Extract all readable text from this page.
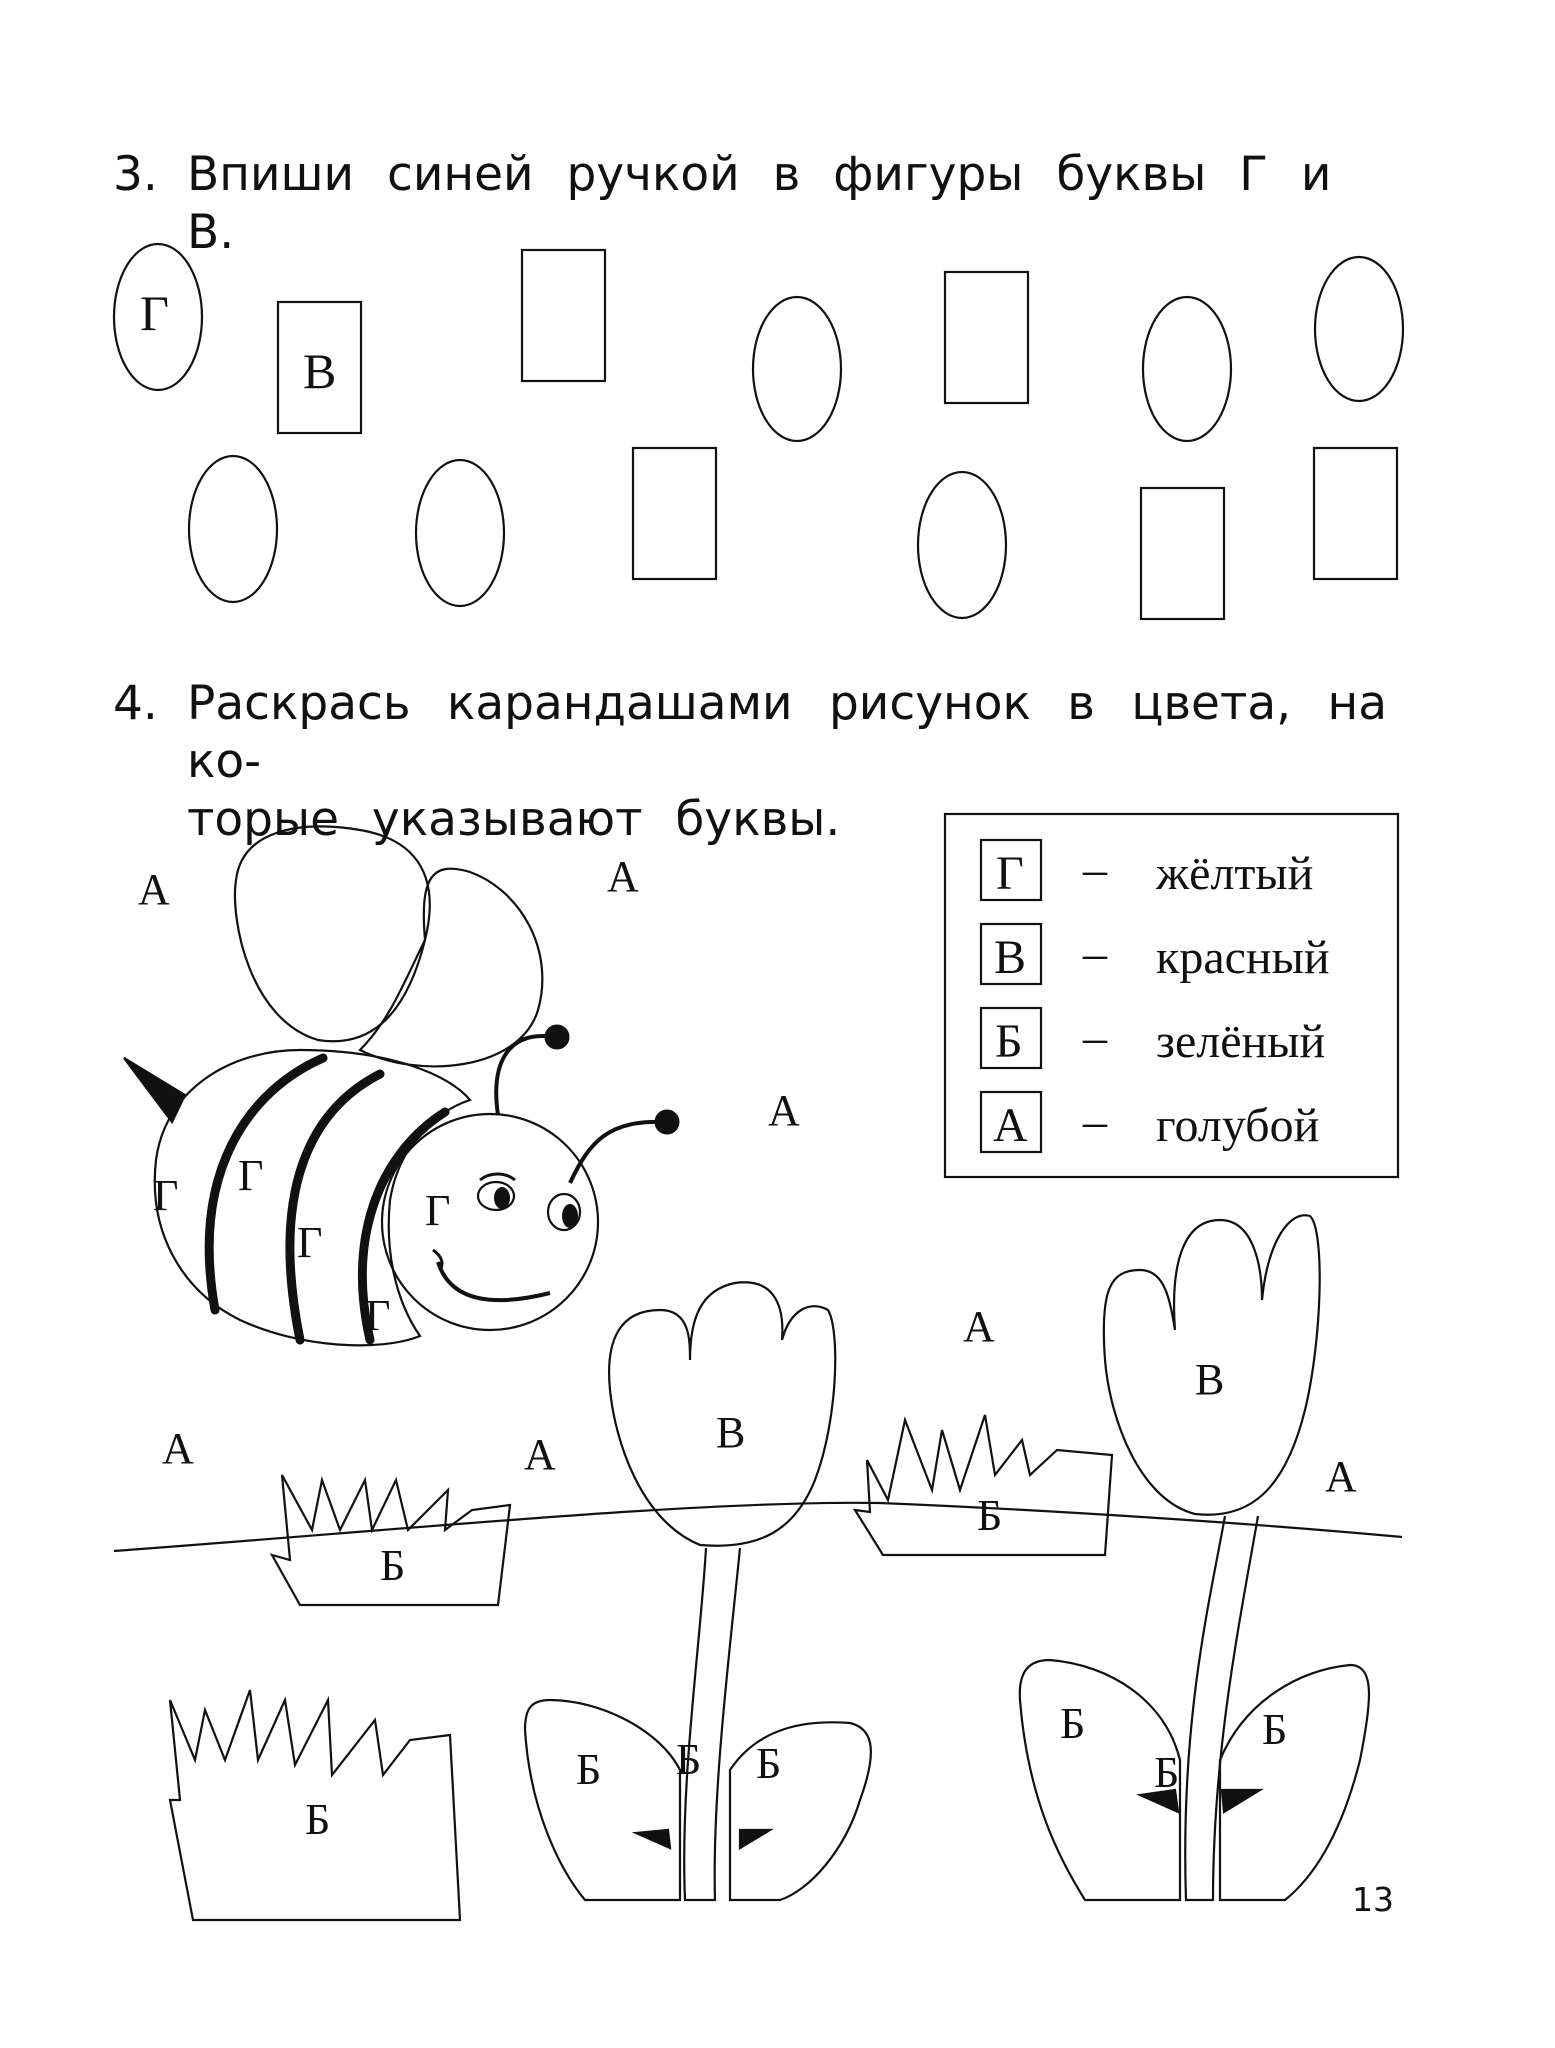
3. Впиши синей ручкой в фигуры буквы Г и В.
4. Раскрась карандашами рисунок в цвета, на ко-
торые указывают буквы.
Г
В
Г – жёлтый
В – красный
Б – зелёный
А – голубой
А	А
А
А
А	А	А
Г Г
Г
Г
Г
В
В
Б
Б
Б
Б Б Б
Б
Б
Б
13
